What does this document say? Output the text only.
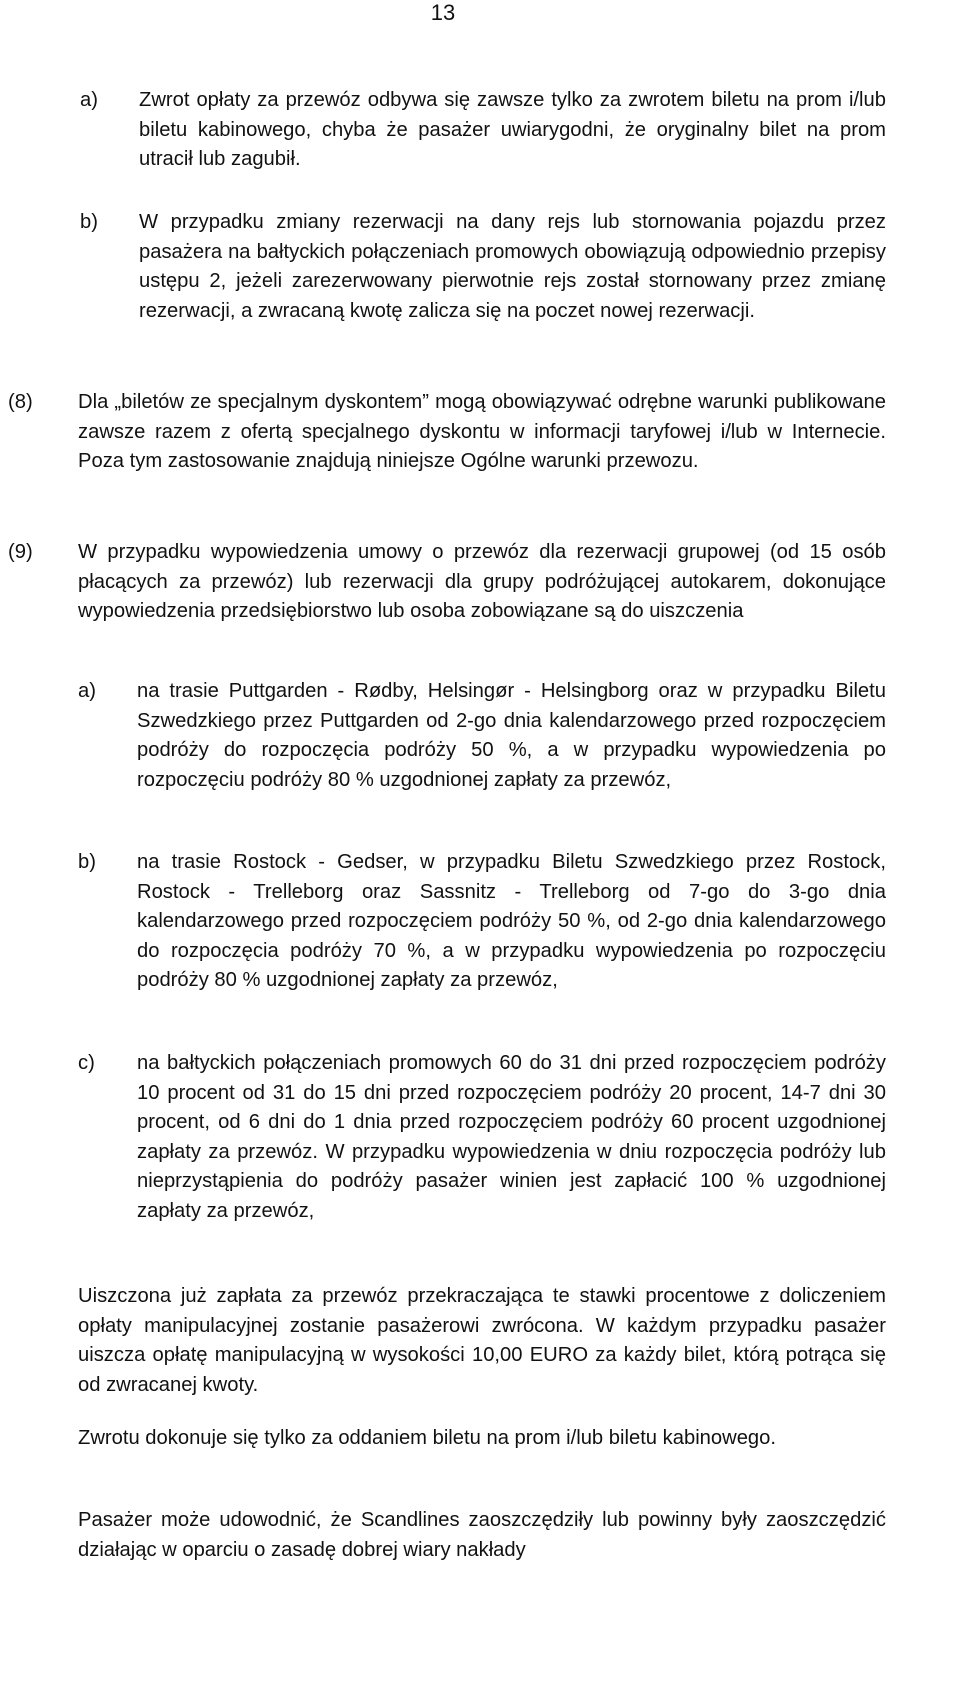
13
a) Zwrot opłaty za przewóz odbywa się zawsze tylko za zwrotem biletu na prom i/lub biletu kabinowego, chyba że pasażer uwiarygodni, że oryginalny bilet na prom utracił lub zagubił.

b) W przypadku zmiany rezerwacji na dany rejs lub stornowania pojazdu przez pasażera na bałtyckich połączeniach promowych obowiązują odpowiednio przepisy ustępu 2, jeżeli zarezerwowany pierwotnie rejs został stornowany przez zmianę rezerwacji, a zwracaną kwotę zalicza się na poczet nowej rezerwacji.

(8) Dla „biletów ze specjalnym dyskontem” mogą obowiązywać odrębne warunki publikowane zawsze razem z ofertą specjalnego dyskontu w informacji taryfowej i/lub w Internecie. Poza tym zastosowanie znajdują niniejsze Ogólne warunki przewozu.

(9) W przypadku wypowiedzenia umowy o przewóz dla rezerwacji grupowej (od 15 osób płacących za przewóz) lub rezerwacji dla grupy podróżującej autokarem, dokonujące wypowiedzenia przedsiębiorstwo lub osoba zobowiązane są do uiszczenia

a) na trasie Puttgarden - Rødby, Helsingør - Helsingborg oraz w przypadku Biletu Szwedzkiego przez Puttgarden od 2-go dnia kalendarzowego przed rozpoczęciem podróży do rozpoczęcia podróży 50 %, a w przypadku wypowiedzenia po rozpoczęciu podróży 80 % uzgodnionej zapłaty za przewóz,

b) na trasie Rostock - Gedser, w przypadku Biletu Szwedzkiego przez Rostock, Rostock - Trelleborg oraz Sassnitz - Trelleborg od 7-go do 3-go dnia kalendarzowego przed rozpoczęciem podróży 50 %, od 2-go dnia kalendarzowego do rozpoczęcia podróży 70 %, a w przypadku wypowiedzenia po rozpoczęciu podróży 80 % uzgodnionej zapłaty za przewóz,

c) na bałtyckich połączeniach promowych 60 do 31 dni przed rozpoczęciem podróży 10 procent od 31 do 15 dni przed rozpoczęciem podróży 20 procent, 14-7 dni 30 procent, od 6 dni do 1 dnia przed rozpoczęciem podróży 60 procent uzgodnionej zapłaty za przewóz. W przypadku wypowiedzenia w dniu rozpoczęcia podróży lub nieprzystąpienia do podróży pasażer winien jest zapłacić 100 % uzgodnionej zapłaty za przewóz,

Uiszczona już zapłata za przewóz przekraczająca te stawki procentowe z doliczeniem opłaty manipulacyjnej zostanie pasażerowi zwrócona. W każdym przypadku pasażer uiszcza opłatę manipulacyjną w wysokości 10,00 EURO za każdy bilet, którą potrąca się od zwracanej kwoty.

Zwrotu dokonuje się tylko za oddaniem biletu na prom i/lub biletu kabinowego.

Pasażer może udowodnić, że Scandlines zaoszczędziły lub powinny były zaoszczędzić działając w oparciu o zasadę dobrej wiary nakłady
